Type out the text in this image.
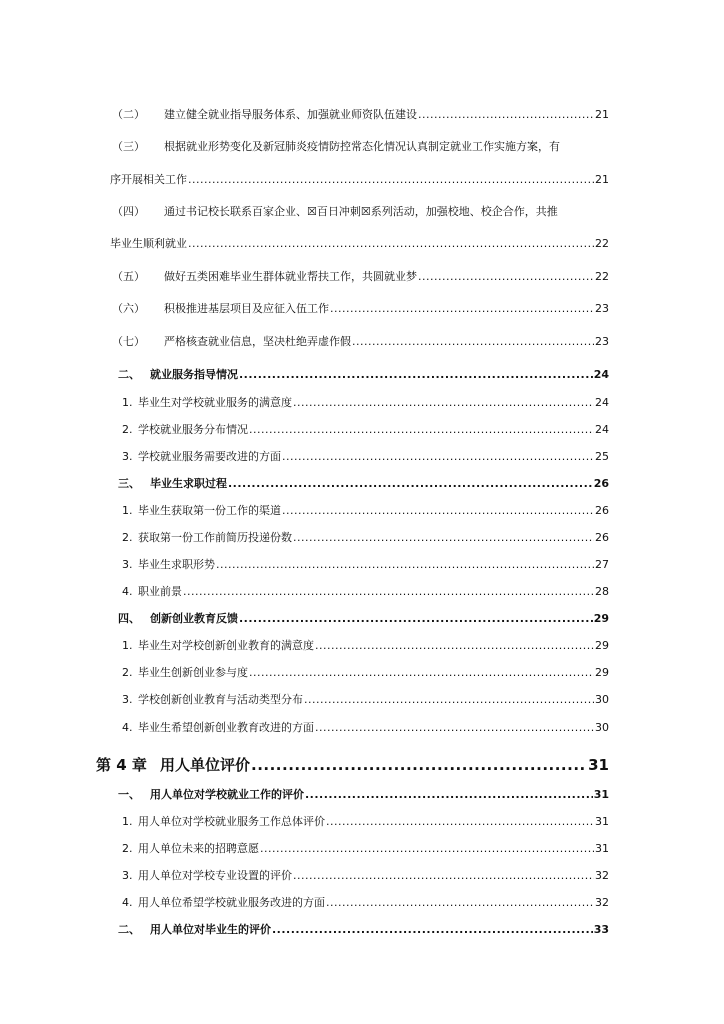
（二） 建立健全就业指导服务体系、加强就业师资队伍建设 .....	21
（三） 根据就业形势变化及新冠肺炎疫情防控常态化情况认真制定就业工作实施方案，有
序开展相关工作 .....	21
（四） 通过书记校长联系百家企业、☒百日冲刺☒系列活动，加强校地、校企合作，共推
毕业生顺利就业 .....	22
（五） 做好五类困难毕业生群体就业帮扶工作，共圆就业梦 .....	22
（六） 积极推进基层项目及应征入伍工作 .....	23
（七） 严格核查就业信息，坚决杜绝弄虚作假 .....	23
二、 就业服务指导情况 .....	24
1. 毕业生对学校就业服务的满意度 .....	24
2. 学校就业服务分布情况 .....	24
3. 学校就业服务需要改进的方面 .....	25
三、 毕业生求职过程 .....	26
1. 毕业生获取第一份工作的渠道 .....	26
2. 获取第一份工作前简历投递份数 .....	26
3. 毕业生求职形势 .....	27
4. 职业前景 .....	28
四、 创新创业教育反馈 .....	29
1. 毕业生对学校创新创业教育的满意度 .....	29
2. 毕业生创新创业参与度 .....	29
3. 学校创新创业教育与活动类型分布 .....	30
4. 毕业生希望创新创业教育改进的方面 .....	30
第 4 章 用人单位评价 .....	31
一、 用人单位对学校就业工作的评价 .....	31
1. 用人单位对学校就业服务工作总体评价 .....	31
2. 用人单位未来的招聘意愿 .....	31
3. 用人单位对学校专业设置的评价 .....	32
4. 用人单位希望学校就业服务改进的方面 .....	32
二、 用人单位对毕业生的评价 .....	33
